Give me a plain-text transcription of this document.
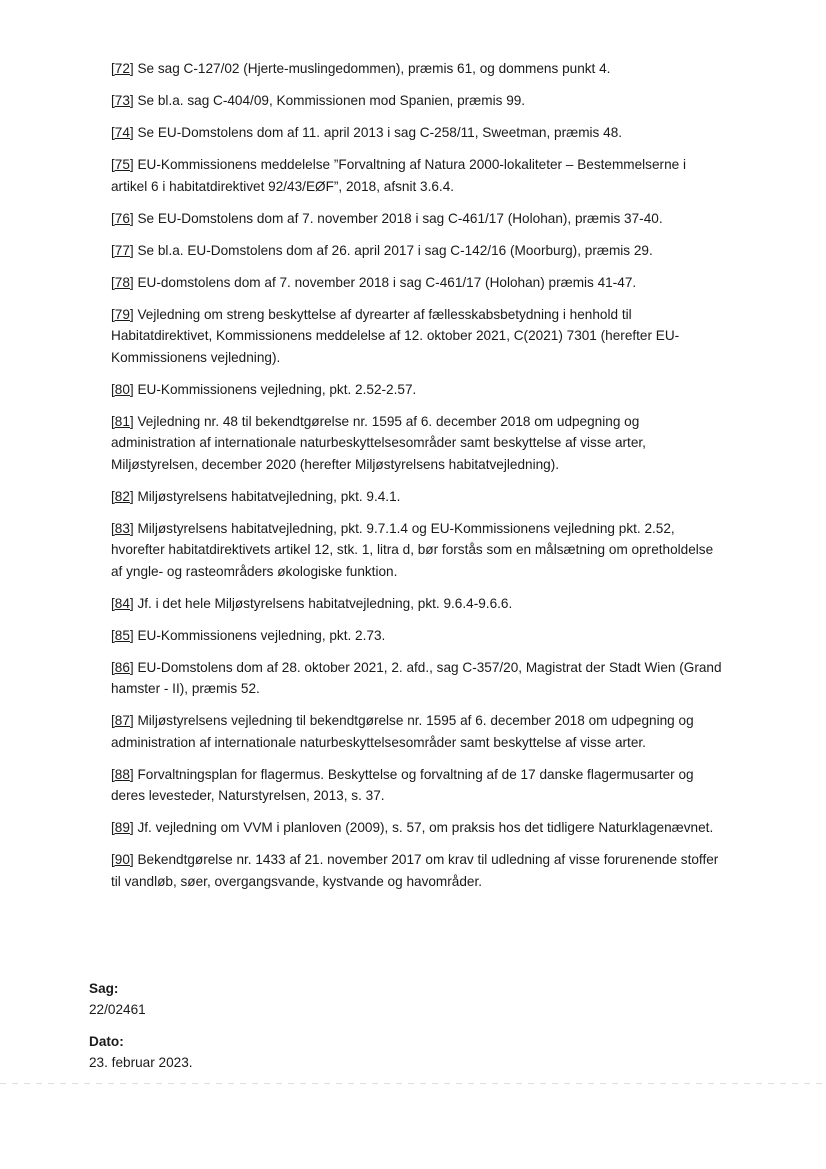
[72] Se sag C-127/02 (Hjerte-muslingedommen), præmis 61, og dommens punkt 4.

[73] Se bl.a. sag C-404/09, Kommissionen mod Spanien, præmis 99.

[74] Se EU-Domstolens dom af 11. april 2013 i sag C-258/11, Sweetman, præmis 48.

[75] EU-Kommissionens meddelelse ”Forvaltning af Natura 2000-lokaliteter – Bestemmelserne i artikel 6 i habitatdirektivet 92/43/EØF”, 2018, afsnit 3.6.4.

[76] Se EU-Domstolens dom af 7. november 2018 i sag C-461/17 (Holohan), præmis 37-40.

[77] Se bl.a. EU-Domstolens dom af 26. april 2017 i sag C-142/16 (Moorburg), præmis 29.

[78] EU-domstolens dom af 7. november 2018 i sag C-461/17 (Holohan) præmis 41-47.

[79] Vejledning om streng beskyttelse af dyrearter af fællesskabsbetydning i henhold til Habitatdirektivet, Kommissionens meddelelse af 12. oktober 2021, C(2021) 7301 (herefter EU-Kommissionens vejledning).

[80] EU-Kommissionens vejledning, pkt. 2.52-2.57.

[81] Vejledning nr. 48 til bekendtgørelse nr. 1595 af 6. december 2018 om udpegning og administration af internationale naturbeskyttelsesområder samt beskyttelse af visse arter, Miljøstyrelsen, december 2020 (herefter Miljøstyrelsens habitatvejledning).

[82] Miljøstyrelsens habitatvejledning, pkt. 9.4.1.

[83] Miljøstyrelsens habitatvejledning, pkt. 9.7.1.4 og EU-Kommissionens vejledning pkt. 2.52, hvorefter habitatdirektivets artikel 12, stk. 1, litra d, bør forstås som en målsætning om opretholdelse af yngle- og rasteområders økologiske funktion.

[84] Jf. i det hele Miljøstyrelsens habitatvejledning, pkt. 9.6.4-9.6.6.

[85] EU-Kommissionens vejledning, pkt. 2.73.

[86] EU-Domstolens dom af 28. oktober 2021, 2. afd., sag C-357/20, Magistrat der Stadt Wien (Grand hamster - II), præmis 52.

[87] Miljøstyrelsens vejledning til bekendtgørelse nr. 1595 af 6. december 2018 om udpegning og administration af internationale naturbeskyttelsesområder samt beskyttelse af visse arter.

[88] Forvaltningsplan for flagermus. Beskyttelse og forvaltning af de 17 danske flagermusarter og deres levesteder, Naturstyrelsen, 2013, s. 37.

[89] Jf. vejledning om VVM i planloven (2009), s. 57, om praksis hos det tidligere Naturklagenævnet.

[90] Bekendtgørelse nr. 1433 af 21. november 2017 om krav til udledning af visse forurenende stoffer til vandløb, søer, overgangsvande, kystvande og havområder.

Sag:
22/02461
Dato:
23. februar 2023.
